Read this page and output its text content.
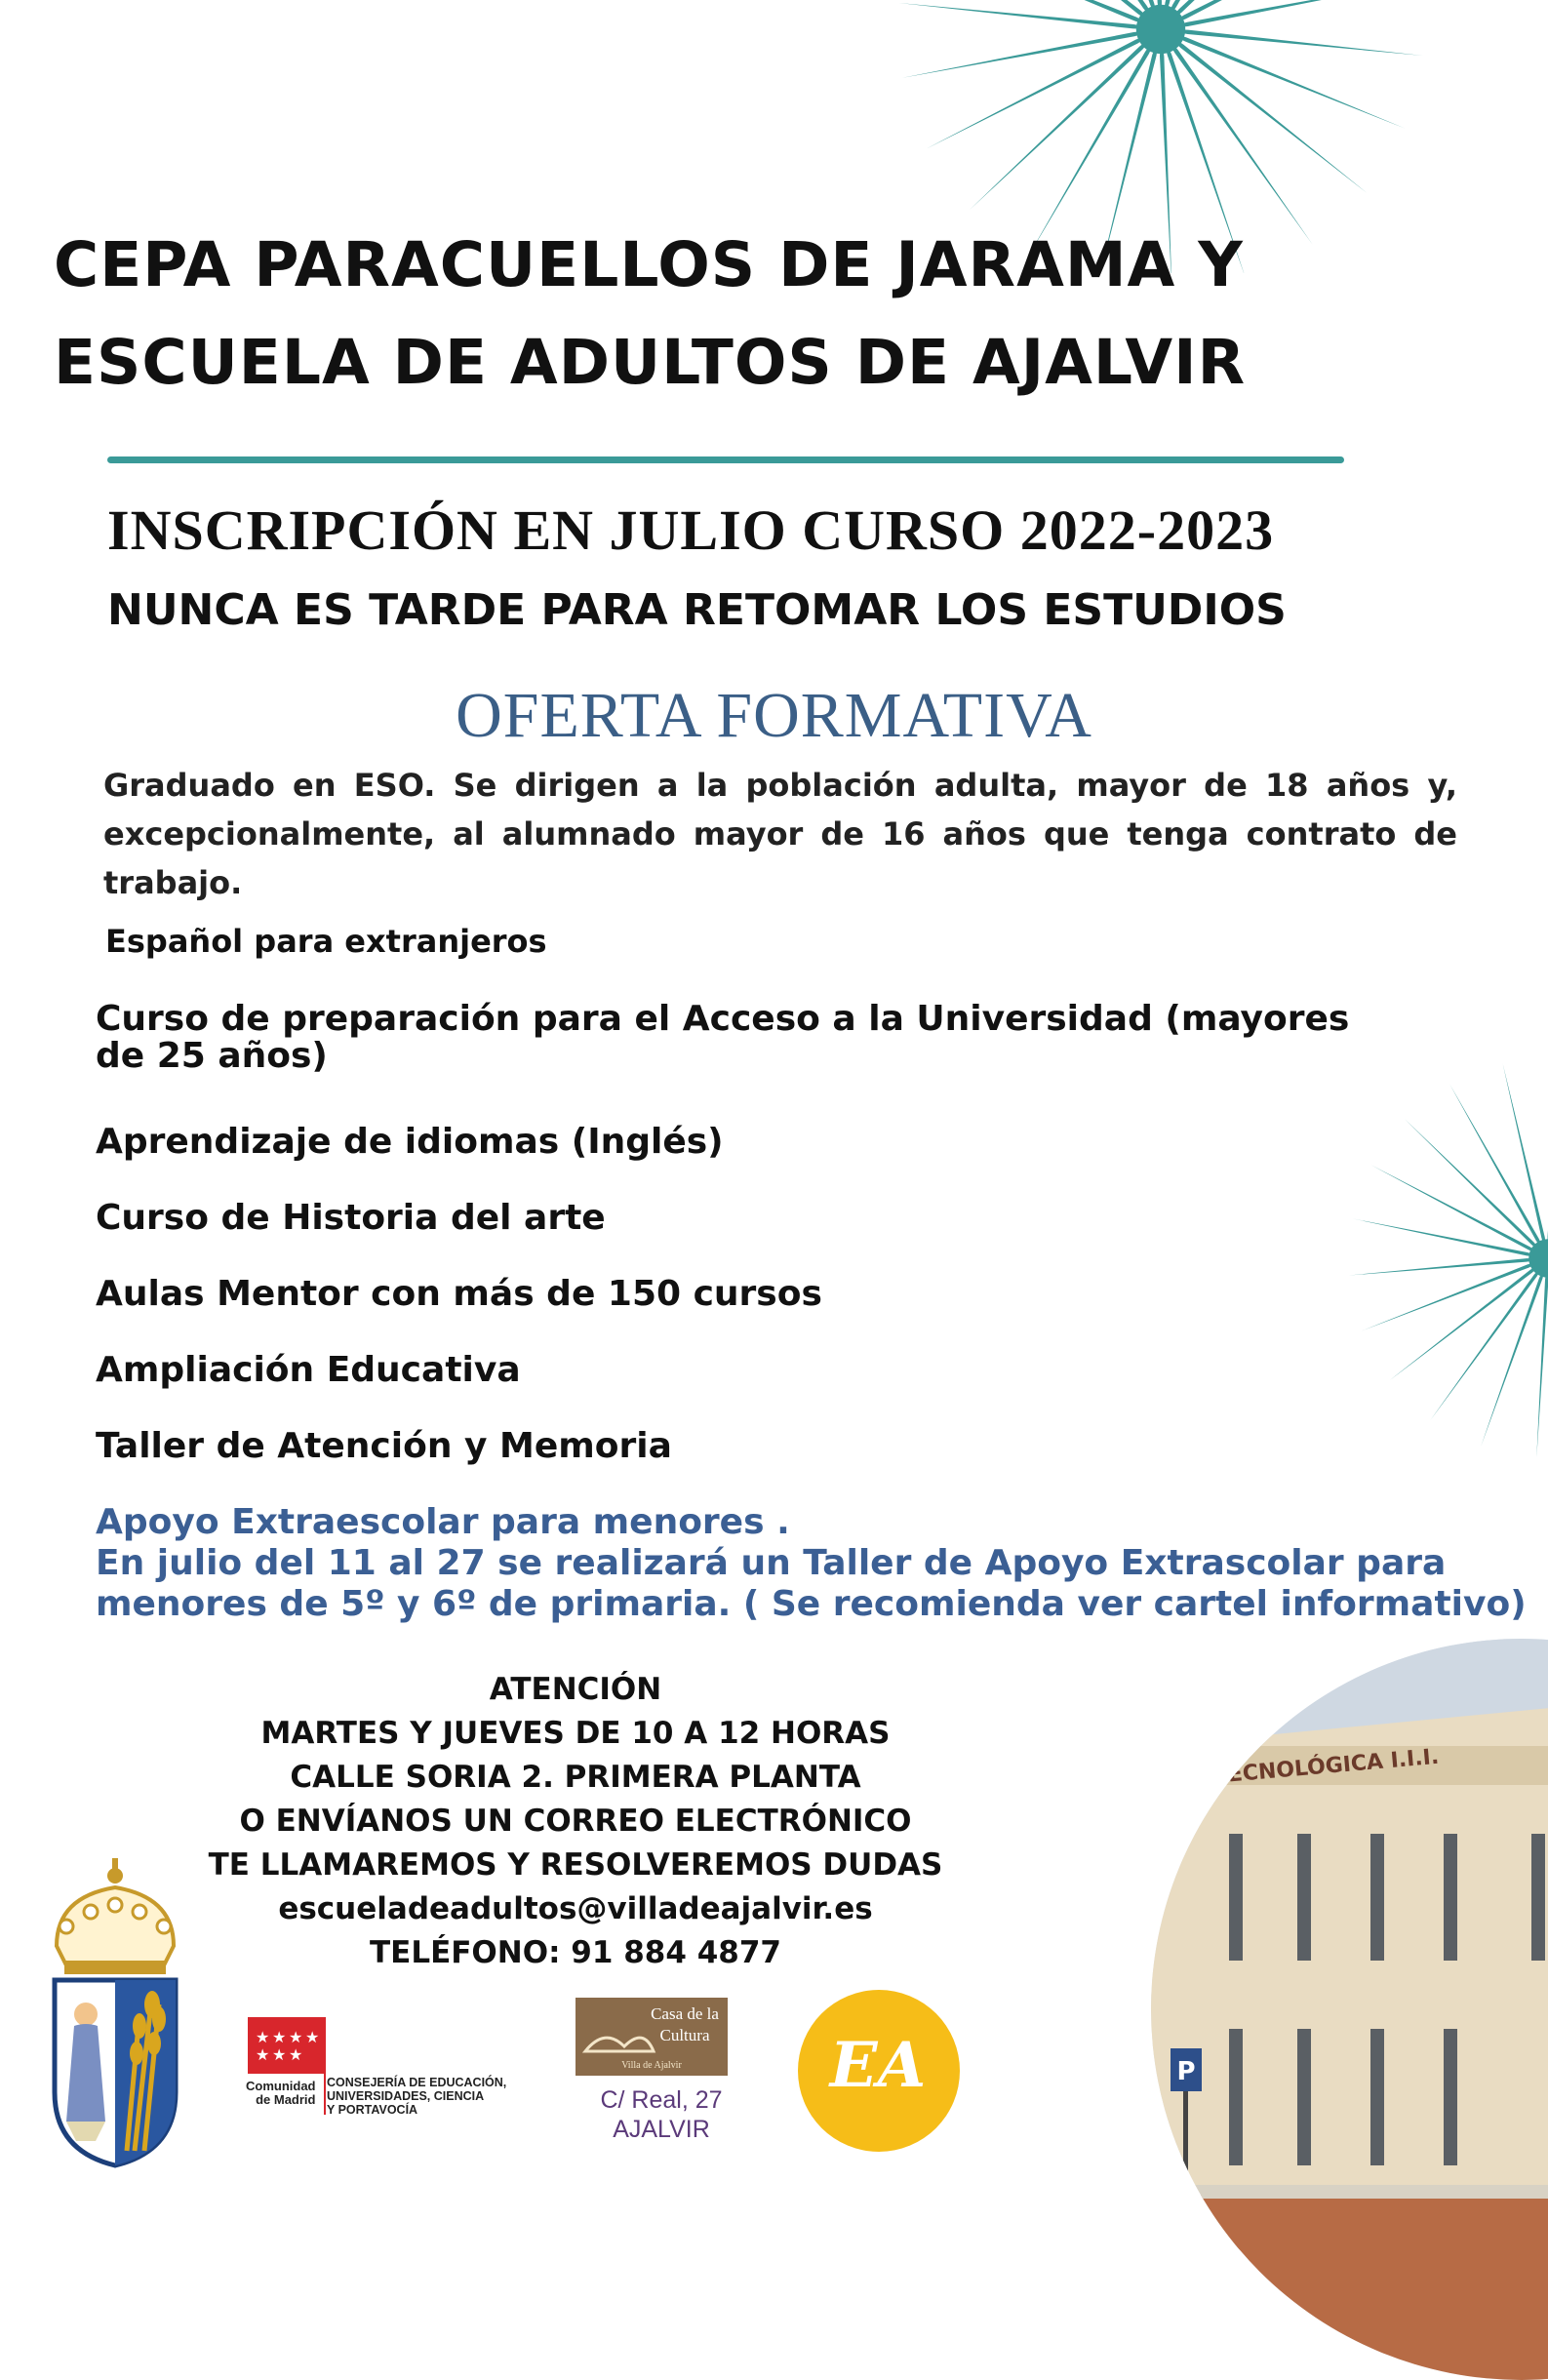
CEPA PARACUELLOS DE JARAMA Y
ESCUELA DE ADULTOS DE AJALVIR
INSCRIPCIÓN EN JULIO CURSO 2022-2023
NUNCA ES TARDE PARA RETOMAR LOS ESTUDIOS
OFERTA FORMATIVA
Graduado en ESO. Se dirigen a la población adulta, mayor de 18 años y, excepcionalmente, al alumnado mayor de 16 años que tenga contrato de trabajo.
Español para extranjeros
Curso de preparación para el Acceso a la Universidad (mayores
de 25 años)
Aprendizaje de idiomas (Inglés)
Curso de Historia del arte
Aulas Mentor con más de 150 cursos
Ampliación Educativa
Taller de Atención y Memoria
Apoyo Extraescolar para menores .
En julio del 11 al 27 se realizará un Taller de Apoyo Extrascolar para
menores de 5º y 6º de primaria. ( Se recomienda ver cartel informativo)
ATENCIÓN
MARTES Y JUEVES DE 10 A 12 HORAS
CALLE SORIA 2. PRIMERA PLANTA
O ENVÍANOS UN CORREO ELECTRÓNICO
TE LLAMAREMOS Y RESOLVEREMOS DUDAS
escueladeadultos@villadeajalvir.es
TELÉFONO: 91 884 4877
P
A TECNOLÓGICA I.I.I.
★ ★ ★ ★
★ ★ ★
Comunidad
de Madrid
CONSEJERÍA DE EDUCACIÓN,
UNIVERSIDADES, CIENCIA
Y PORTAVOCÍA
Casa de la
Cultura
Villa de Ajalvir
C/ Real, 27
AJALVIR
EA
